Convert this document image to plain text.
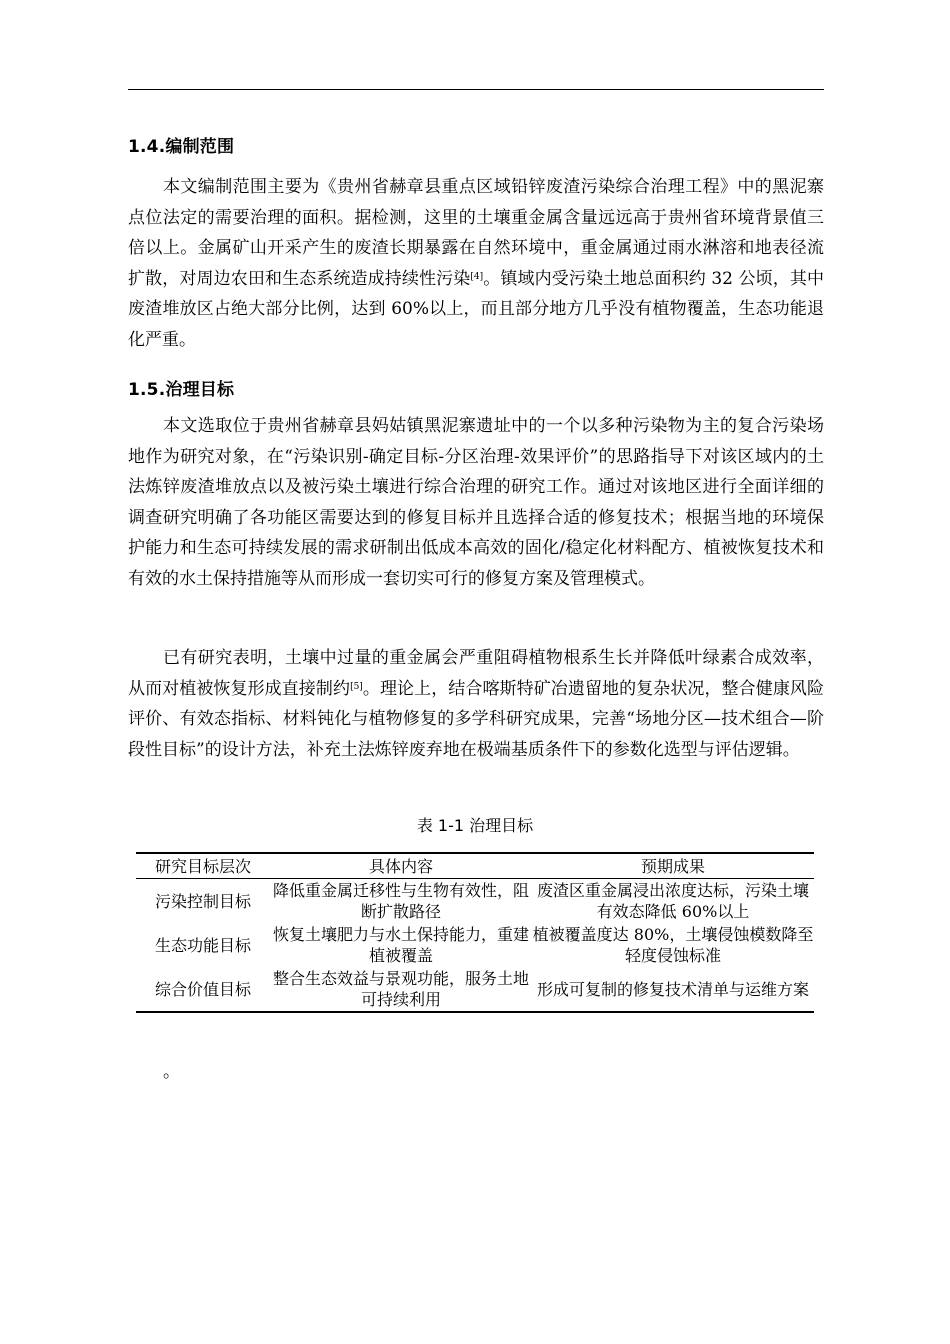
1.4.编制范围

本文编制范围主要为《贵州省赫章县重点区域铅锌废渣污染综合治理工程》中的黑泥寨点位法定的需要治理的面积。据检测，这里的土壤重金属含量远远高于贵州省环境背景值三倍以上。金属矿山开采产生的废渣长期暴露在自然环境中，重金属通过雨水淋溶和地表径流扩散，对周边农田和生态系统造成持续性污染[4]。镇域内受污染土地总面积约 32 公顷，其中废渣堆放区占绝大部分比例，达到 60%以上，而且部分地方几乎没有植物覆盖，生态功能退化严重。

1.5.治理目标

本文选取位于贵州省赫章县妈姑镇黑泥寨遗址中的一个以多种污染物为主的复合污染场地作为研究对象，在“污染识别-确定目标-分区治理-效果评价”的思路指导下对该区域内的土法炼锌废渣堆放点以及被污染土壤进行综合治理的研究工作。通过对该地区进行全面详细的调查研究明确了各功能区需要达到的修复目标并且选择合适的修复技术；根据当地的环境保护能力和生态可持续发展的需求研制出低成本高效的固化/稳定化材料配方、植被恢复技术和有效的水土保持措施等从而形成一套切实可行的修复方案及管理模式。

已有研究表明，土壤中过量的重金属会严重阻碍植物根系生长并降低叶绿素合成效率，从而对植被恢复形成直接制约[5]。理论上，结合喀斯特矿冶遗留地的复杂状况，整合健康风险评价、有效态指标、材料钝化与植物修复的多学科研究成果，完善“场地分区—技术组合—阶段性目标”的设计方法，补充土法炼锌废弃地在极端基质条件下的参数化选型与评估逻辑。

表 1-1 治理目标
研究目标层次	具体内容	预期成果
污染控制目标	降低重金属迁移性与生物有效性，阻断扩散路径	废渣区重金属浸出浓度达标，污染土壤有效态降低 60%以上
生态功能目标	恢复土壤肥力与水土保持能力，重建植被覆盖	植被覆盖度达 80%，土壤侵蚀模数降至轻度侵蚀标准
综合价值目标	整合生态效益与景观功能，服务土地可持续利用	形成可复制的修复技术清单与运维方案
。
